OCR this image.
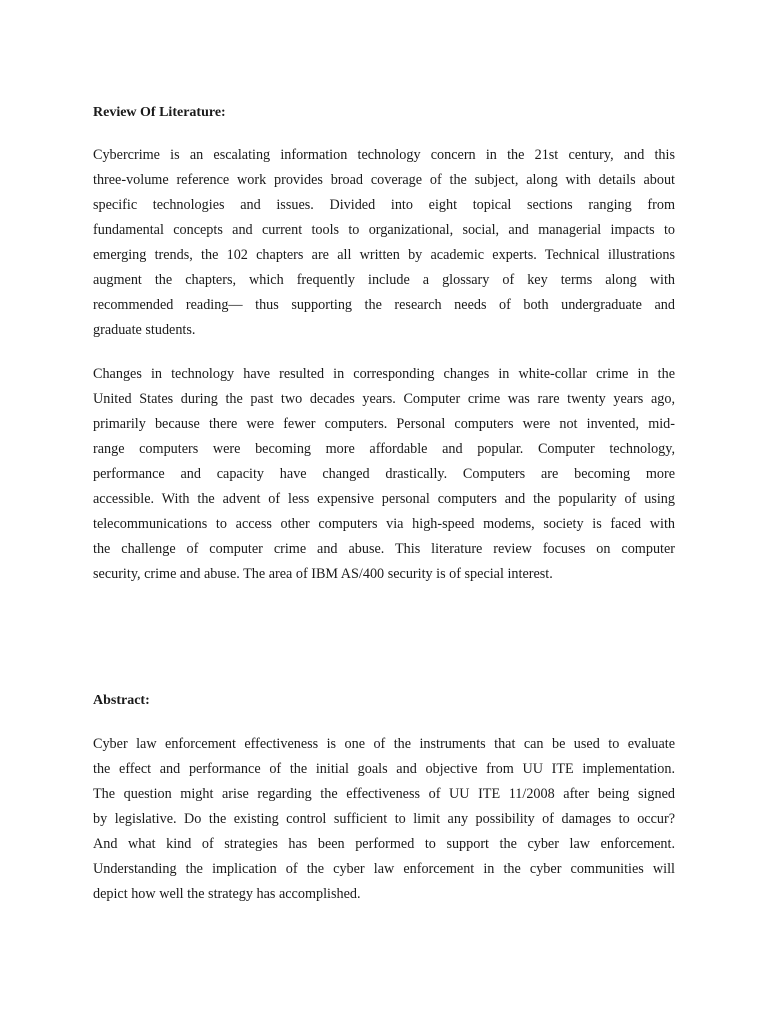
Review Of Literature:
Cybercrime is an escalating information technology concern in the 21st century, and this
three-volume reference work provides broad coverage of the subject, along with details about
specific technologies and issues. Divided into eight topical sections ranging from
fundamental concepts and current tools to organizational, social, and managerial impacts to
emerging trends, the 102 chapters are all written by academic experts. Technical illustrations
augment the chapters, which frequently include a glossary of key terms along with
recommended reading— thus supporting the research needs of both undergraduate and
graduate students.
Changes in technology have resulted in corresponding changes in white-collar crime in the
United States during the past two decades years. Computer crime was rare twenty years ago,
primarily because there were fewer computers. Personal computers were not invented, mid-
range computers were becoming more affordable and popular. Computer technology,
performance and capacity have changed drastically. Computers are becoming more
accessible. With the advent of less expensive personal computers and the popularity of using
telecommunications to access other computers via high-speed modems, society is faced with
the challenge of computer crime and abuse. This literature review focuses on computer
security, crime and abuse. The area of IBM AS/400 security is of special interest.
Abstract:
Cyber law enforcement effectiveness is one of the instruments that can be used to evaluate
the effect and performance of the initial goals and objective from UU ITE implementation.
The question might arise regarding the effectiveness of UU ITE 11/2008 after being signed
by legislative. Do the existing control sufficient to limit any possibility of damages to occur?
And what kind of strategies has been performed to support the cyber law enforcement.
Understanding the implication of the cyber law enforcement in the cyber communities will
depict how well the strategy has accomplished.
